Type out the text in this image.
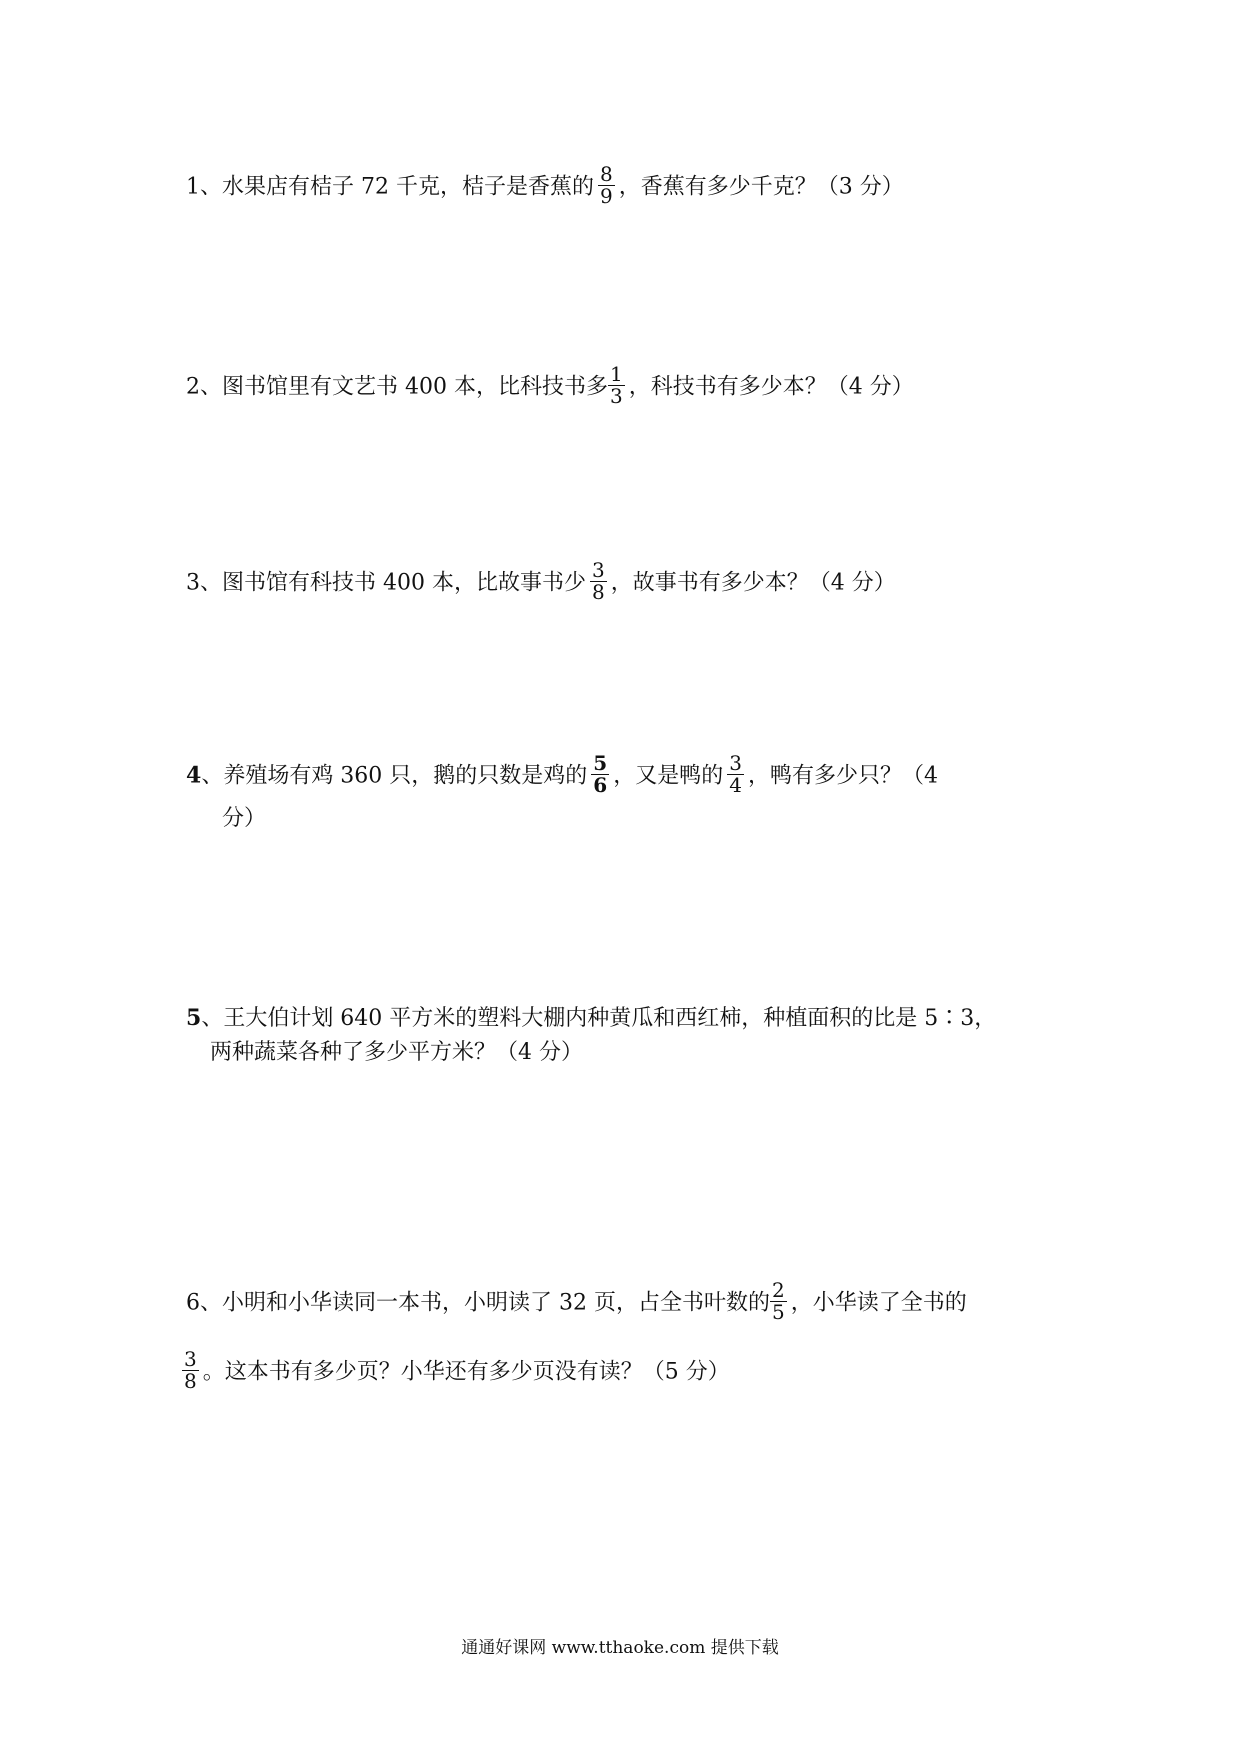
1、水果店有桔子 72 千克，桔子是香蕉的 $\frac{8}{9}$ ，香蕉有多少千克？（3 分）
2、图书馆里有文艺书 400 本，比科技书多 $\frac{1}{3}$ ，科技书有多少本？（4 分）
3、图书馆有科技书 400 本，比故事书少 $\frac{3}{8}$ ，故事书有多少本？（4 分）
4、养殖场有鸡 360 只，鹅的只数是鸡的 $\frac{5}{6}$ ，又是鸭的 $\frac{3}{4}$ ，鸭有多少只？（4
分）
5、王大伯计划 640 平方米的塑料大棚内种黄瓜和西红柿，种植面积的比是 5∶3，
两种蔬菜各种了多少平方米？（4 分）
6、小明和小华读同一本书，小明读了 32 页，占全书叶数的 $\frac{2}{5}$ ，小华读了全书的
$\frac{3}{8}$ 。这本书有多少页？小华还有多少页没有读？（5 分）
通通好课网 www.tthaoke.com 提供下载
